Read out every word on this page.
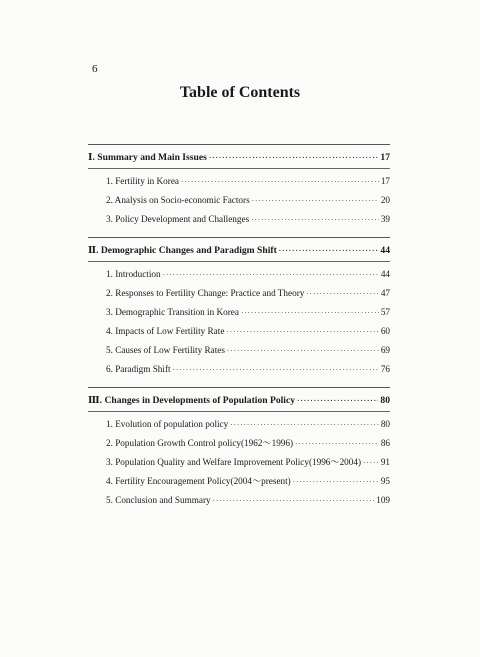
6
Table of Contents
Ⅰ. Summary and Main Issues ·····	17
1. Fertility in Korea ·····	17
2. Analysis on Socio-economic Factors ·····	20
3. Policy Development and Challenges ·····	39
Ⅱ. Demographic Changes and Paradigm Shift ·····	44
1. Introduction ·····	44
2. Responses to Fertility Change: Practice and Theory ·····	47
3. Demographic Transition in Korea ·····	57
4. Impacts of Low Fertility Rate ·····	60
5. Causes of Low Fertility Rates ·····	69
6. Paradigm Shift ·····	76
Ⅲ. Changes in Developments of Population Policy ·····	80
1. Evolution of population policy ·····	80
2. Population Growth Control policy(1962～1996) ·····	86
3. Population Quality and Welfare Improvement Policy(1996～2004) ····· 91
4. Fertility Encouragement Policy(2004～present) ·····	95
5. Conclusion and Summary ·····	109
